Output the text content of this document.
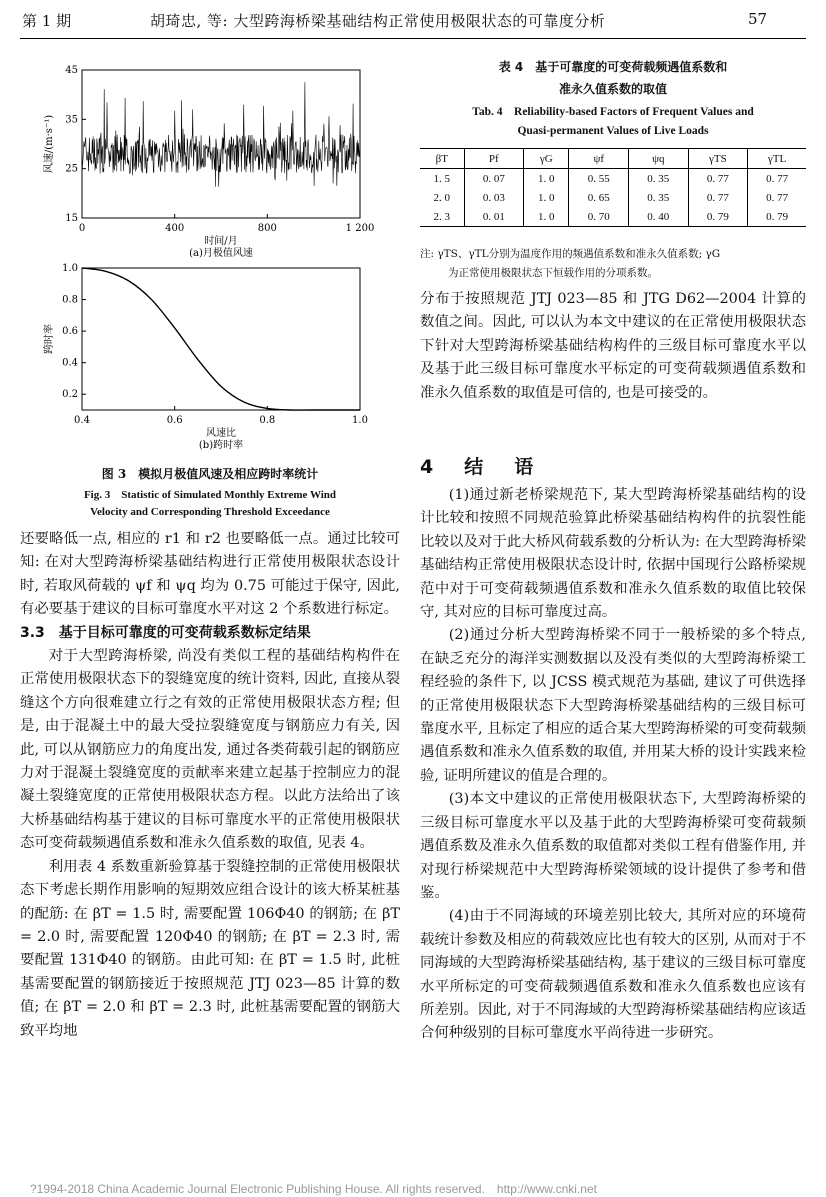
第 1 期	胡琦忠, 等: 大型跨海桥梁基础结构正常使用极限状态的可靠度分析	57
0	400	800	1 200
15
25
35
45
时间/月
(a)月极值风速
风速/(m·s⁻¹)
0.4	0.6	0.8	1.0
0.2
0.4
0.6
0.8
1.0
风速比
(b)跨时率
跨时率
图 3　模拟月极值风速及相应跨时率统计
Fig. 3　Statistic of Simulated Monthly Extreme Wind
Velocity and Corresponding Threshold Exceedance

还要略低一点, 相应的 r1 和 r2 也要略低一点。通过比较可知: 在对大型跨海桥梁基础结构进行正常使用极限状态设计时, 若取风荷载的 ψf 和 ψq 均为 0.75 可能过于保守, 因此, 有必要基于建议的目标可靠度水平对这 2 个系数进行标定。

3.3　基于目标可靠度的可变荷载系数标定结果

对于大型跨海桥梁, 尚没有类似工程的基础结构构件在正常使用极限状态下的裂缝宽度的统计资料, 因此, 直接从裂缝这个方向很难建立行之有效的正常使用极限状态方程; 但是, 由于混凝土中的最大受拉裂缝宽度与钢筋应力有关, 因此, 可以从钢筋应力的角度出发, 通过各类荷载引起的钢筋应力对于混凝土裂缝宽度的贡献率来建立起基于控制应力的混凝土裂缝宽度的正常使用极限状态方程。以此方法给出了该大桥基础结构基于建议的目标可靠度水平的正常使用极限状态可变荷载频遇值系数和准永久值系数的取值, 见表 4。

利用表 4 系数重新验算基于裂缝控制的正常使用极限状态下考虑长期作用影响的短期效应组合设计的该大桥某桩基的配筋: 在 βT = 1.5 时, 需要配置 106Φ40 的钢筋; 在 βT = 2.0 时, 需要配置 120Φ40 的钢筋; 在 βT = 2.3 时, 需要配置 131Φ40 的钢筋。由此可知: 在 βT = 1.5 时, 此桩基需要配置的钢筋接近于按照规范 JTJ 023—85 计算的数值; 在 βT = 2.0 和 βT = 2.3 时, 此桩基需要配置的钢筋大致平均地

表 4　基于可靠度的可变荷载频遇值系数和
准永久值系数的取值
Tab. 4　Reliability-based Factors of Frequent Values and
Quasi-permanent Values of Live Loads
βT	Pf	γG	ψf	ψq	γTS	γTL
1. 5	0. 07	1. 0	0. 55	0. 35	0. 77	0. 77
2. 0	0. 03	1. 0	0. 65	0. 35	0. 77	0. 77
2. 3	0. 01	1. 0	0. 70	0. 40	0. 79	0. 79
注: γTS、γTL分别为温度作用的频遇值系数和准永久值系数; γG
为正常使用极限状态下恒载作用的分项系数。

分布于按照规范 JTJ 023—85 和 JTG D62—2004 计算的数值之间。因此, 可以认为本文中建议的在正常使用极限状态下针对大型跨海桥梁基础结构构件的三级目标可靠度水平以及基于此三级目标可靠度水平标定的可变荷载频遇值系数和准永久值系数的取值是可信的, 也是可接受的。

4　结　语

(1)通过新老桥梁规范下, 某大型跨海桥梁基础结构的设计比较和按照不同规范验算此桥梁基础结构构件的抗裂性能比较以及对于此大桥风荷载系数的分析认为: 在大型跨海桥梁基础结构正常使用极限状态设计时, 依据中国现行公路桥梁规范中对于可变荷载频遇值系数和准永久值系数的取值比较保守, 其对应的目标可靠度过高。

(2)通过分析大型跨海桥梁不同于一般桥梁的多个特点, 在缺乏充分的海洋实测数据以及没有类似的大型跨海桥梁工程经验的条件下, 以 JCSS 模式规范为基础, 建议了可供选择的正常使用极限状态下大型跨海桥梁基础结构的三级目标可靠度水平, 且标定了相应的适合某大型跨海桥梁的可变荷载频遇值系数和准永久值系数的取值, 并用某大桥的设计实践来检验, 证明所建议的值是合理的。

(3)本文中建议的正常使用极限状态下, 大型跨海桥梁的三级目标可靠度水平以及基于此的大型跨海桥梁可变荷载频遇值系数及准永久值系数的取值都对类似工程有借鉴作用, 并对现行桥梁规范中大型跨海桥梁领域的设计提供了参考和借鉴。

(4)由于不同海域的环境差别比较大, 其所对应的环境荷载统计参数及相应的荷载效应比也有较大的区别, 从而对于不同海域的大型跨海桥梁基础结构, 基于建议的三级目标可靠度水平所标定的可变荷载频遇值系数和准永久值系数也应该有所差别。因此, 对于不同海域的大型跨海桥梁基础结构应该适合何种级别的目标可靠度水平尚待进一步研究。

?1994-2018 China Academic Journal Electronic Publishing House. All rights reserved.　http://www.cnki.net
